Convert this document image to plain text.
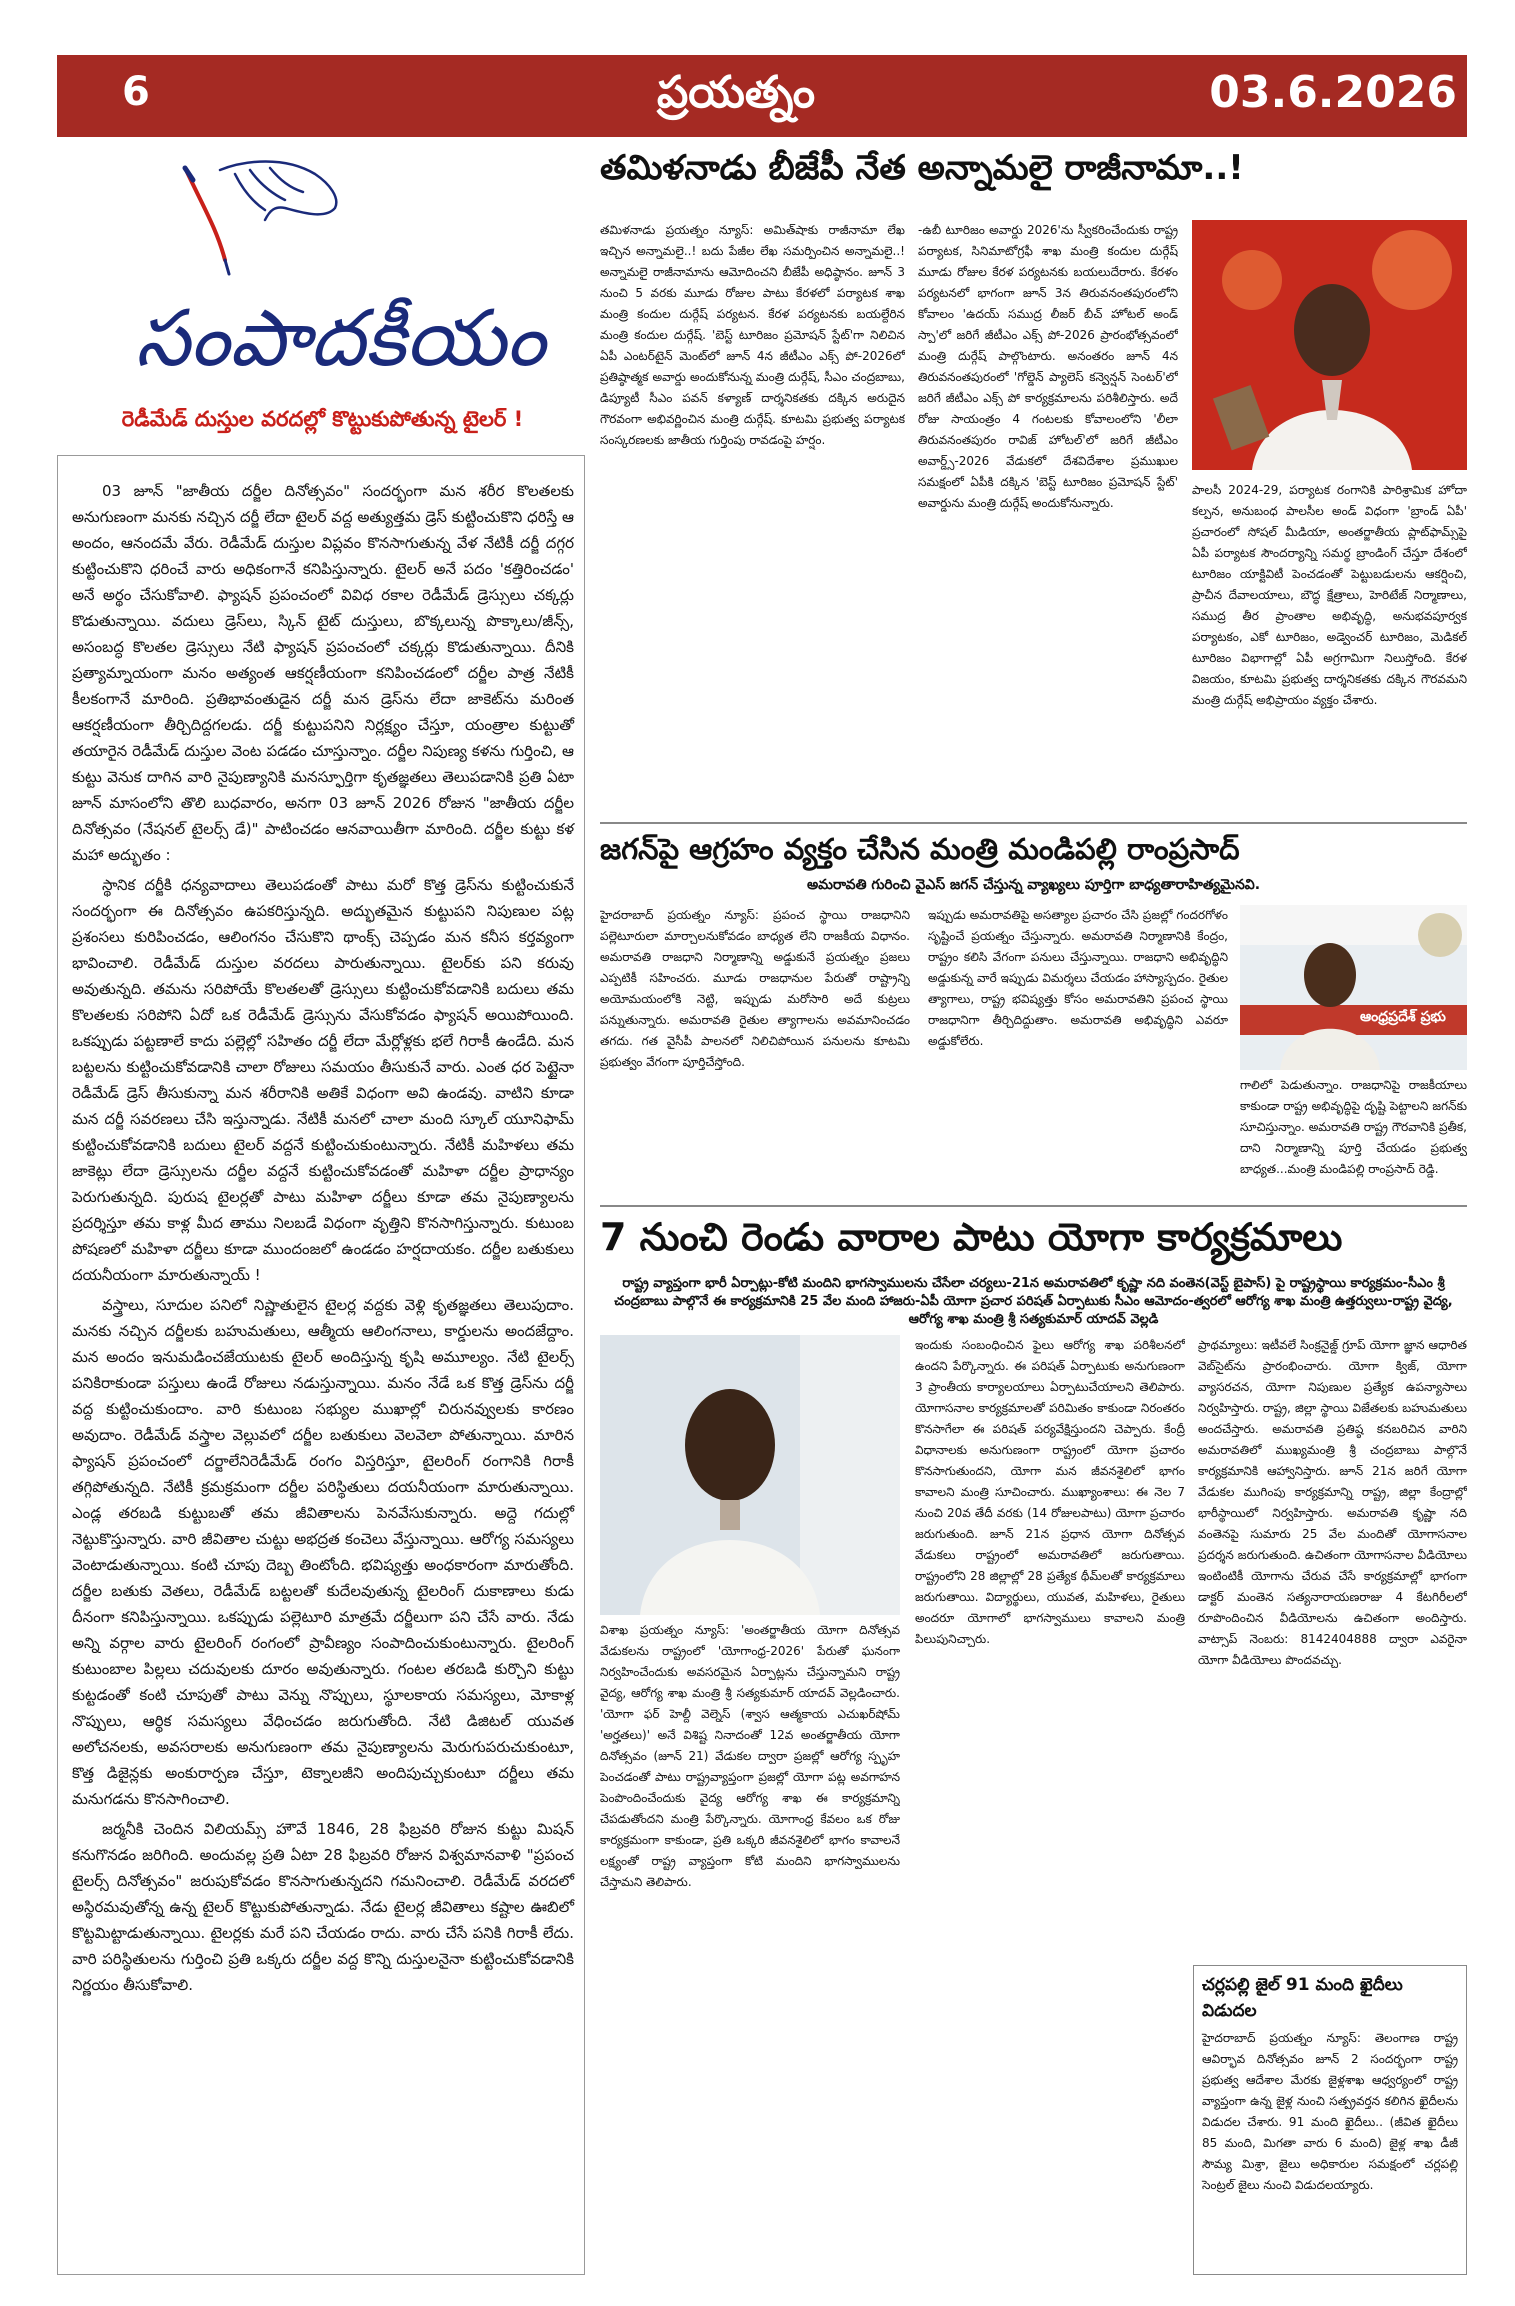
6	ప్రయత్నం	03.6.2026
సంపాదకీయం
రెడీమేడ్ దుస్తుల వరదల్లో కొట్టుకుపోతున్న టైలర్ !

03 జూన్ "జాతీయ దర్జీల దినోత్సవం" సందర్భంగా మన శరీర కొలతలకు అనుగుణంగా మనకు నచ్చిన దర్జీ లేదా టైలర్ వద్ద అత్యుత్తమ డ్రెస్ కుట్టించుకొని ధరిస్తే ఆ అందం, ఆనందమే వేరు. రెడీమేడ్ దుస్తుల విప్లవం కొనసాగుతున్న వేళ నేటికీ దర్జీ దగ్గర కుట్టించుకొని ధరించే వారు అధికంగానే కనిపిస్తున్నారు. టైలర్ అనే పదం 'కత్తిరించడం' అనే అర్థం చేసుకోవాలి. ఫ్యాషన్ ప్రపంచంలో వివిధ రకాల రెడీమేడ్ డ్రెస్సులు చక్కర్లు కొడుతున్నాయి. వదులు డ్రెస్‌లు, స్కిన్ టైట్ దుస్తులు, బొక్కలున్న పొక్కాలు/జీన్స్, అసంబద్ధ కొలతల డ్రెస్సులు నేటి ఫ్యాషన్ ప్రపంచంలో చక్కర్లు కొడుతున్నాయి. దీనికి ప్రత్యామ్నాయంగా మనం అత్యంత ఆకర్షణీయంగా కనిపించడంలో దర్జీల పాత్ర నేటికీ కీలకంగానే మారింది. ప్రతిభావంతుడైన దర్జీ మన డ్రెస్‌ను లేదా జాకెట్‌ను మరింత ఆకర్షణీయంగా తీర్చిదిద్దగలడు. దర్జీ కుట్టుపనిని నిర్లక్ష్యం చేస్తూ, యంత్రాల కుట్టుతో తయారైన రెడీమేడ్ దుస్తుల వెంట పడడం చూస్తున్నాం. దర్జీల నిపుణ్య కళను గుర్తించి, ఆ కుట్టు వెనుక దాగిన వారి నైపుణ్యానికి మనస్ఫూర్తిగా కృతజ్ఞతలు తెలుపడానికి ప్రతి ఏటా జూన్ మాసంలోని తొలి బుధవారం, అనగా 03 జూన్ 2026 రోజున "జాతీయ దర్జీల దినోత్సవం (నేషనల్ టైలర్స్ డే)" పాటించడం ఆనవాయితీగా మారింది. దర్జీల కుట్టు కళ మహా అద్భుతం :

స్థానిక దర్జీకి ధన్యవాదాలు తెలుపడంతో పాటు మరో కొత్త డ్రెస్‌ను కుట్టించుకునే సందర్భంగా ఈ దినోత్సవం ఉపకరిస్తున్నది. అద్భుతమైన కుట్టుపని నిపుణుల పట్ల ప్రశంసలు కురిపించడం, ఆలింగనం చేసుకొని థాంక్స్ చెప్పడం మన కనీస కర్తవ్యంగా భావించాలి. రెడీమేడ్ దుస్తుల వరదలు పారుతున్నాయి. టైలర్‌కు పని కరువు అవుతున్నది. తమను సరిపోయే కొలతలతో డ్రెస్సులు కుట్టించుకోవడానికి బదులు తమ కొలతలకు సరిపోని ఏదో ఒక రెడీమేడ్ డ్రెస్సును వేసుకోవడం ఫ్యాషన్ అయిపోయింది. ఒకప్పుడు పట్టణాలే కాదు పల్లెల్లో సహితం దర్జీ లేదా మేర్లోళ్లకు భలే గిరాకీ ఉండేది. మన బట్టలను కుట్టించుకోవడానికి చాలా రోజులు సమయం తీసుకునే వారు. ఎంత ధర పెట్టైనా రెడీమేడ్ డ్రెస్ తీసుకున్నా మన శరీరానికి అతికే విధంగా అవి ఉండవు. వాటిని కూడా మన దర్జీ సవరణలు చేసి ఇస్తున్నాడు. నేటికీ మనలో చాలా మంది స్కూల్ యూనిఫామ్ కుట్టించుకోవడానికి బదులు టైలర్ వద్దనే కుట్టించుకుంటున్నారు. నేటికీ మహిళలు తమ జాకెట్లు లేదా డ్రెస్సులను దర్జీల వద్దనే కుట్టించుకోవడంతో మహిళా దర్జీల ప్రాధాన్యం పెరుగుతున్నది. పురుష టైలర్లతో పాటు మహిళా దర్జీలు కూడా తమ నైపుణ్యాలను ప్రదర్శిస్తూ తమ కాళ్ల మీద తాము నిలబడే విధంగా వృత్తిని కొనసాగిస్తున్నారు. కుటుంబ పోషణలో మహిళా దర్జీలు కూడా ముందంజలో ఉండడం హర్షదాయకం. దర్జీల బతుకులు దయనీయంగా మారుతున్నాయ్ !

వస్త్రాలు, సూదుల పనిలో నిష్ణాతులైన టైలర్ల వద్దకు వెళ్లి కృతజ్ఞతలు తెలుపుదాం. మనకు నచ్చిన దర్జీలకు బహుమతులు, ఆత్మీయ ఆలింగనాలు, కార్డులను అందజేద్దాం. మన అందం ఇనుమడించజేయుటకు టైలర్ అందిస్తున్న కృషి అమూల్యం. నేటి టైలర్స్ పనికిరాకుండా పస్తులు ఉండే రోజులు నడుస్తున్నాయి. మనం నేడే ఒక కొత్త డ్రెస్‌ను దర్జీ వద్ద కుట్టించుకుందాం. వారి కుటుంబ సభ్యుల ముఖాల్లో చిరునవ్వులకు కారణం అవుదాం. రెడీమేడ్ వస్త్రాల వెల్లువలో దర్జీల బతుకులు వెలవెలా పోతున్నాయి. మారిన ఫ్యాషన్ ప్రపంచంలో దర్జాలేనిరెడీమేడ్ రంగం విస్తరిస్తూ, టైలరింగ్ రంగానికి గిరాకీ తగ్గిపోతున్నది. నేటికీ క్రమక్రమంగా దర్జీల పరిస్థితులు దయనీయంగా మారుతున్నాయి. ఎండ్ల తరబడి కుట్టుబతో తమ జీవితాలను పెనవేసుకున్నారు. అద్దె గదుల్లో నెట్టుకొస్తున్నారు. వారి జీవితాల చుట్టు అభద్రత కంచెలు వేస్తున్నాయి. ఆరోగ్య సమస్యలు వెంటాడుతున్నాయి. కంటి చూపు దెబ్బ తింటోంది. భవిష్యత్తు అంధకారంగా మారుతోంది. దర్జీల బతుకు వెతలు, రెడీమేడ్ బట్టలతో కుదేలవుతున్న టైలరింగ్ దుకాణాలు కుడు దీనంగా కనిపిస్తున్నాయి. ఒకప్పుడు పల్లెటూరి మాత్రమే దర్జీలుగా పని చేసే వారు. నేడు అన్ని వర్గాల వారు టైలరింగ్ రంగంలో ప్రావీణ్యం సంపాదించుకుంటున్నారు. టైలరింగ్ కుటుంబాల పిల్లలు చదువులకు దూరం అవుతున్నారు. గంటల తరబడి కుర్చొని కుట్టు కుట్టడంతో కంటి చూపుతో పాటు వెన్ను నొప్పులు, స్థూలకాయ సమస్యలు, మోకాళ్ల నొప్పులు, ఆర్థిక సమస్యలు వేధించడం జరుగుతోంది. నేటి డిజిటల్ యువత అలోచనలకు, అవసరాలకు అనుగుణంగా తమ నైపుణ్యాలను మెరుగుపరుచుకుంటూ, కొత్త డిజైన్లకు అంకురార్పణ చేస్తూ, టెక్నాలజీని అందిపుచ్చుకుంటూ దర్జీలు తమ మనుగడను కొనసాగించాలి.

జర్మనీకి చెందిన విలియమ్స్ హౌవే 1846, 28 ఫిబ్రవరి రోజున కుట్టు మిషన్ కనుగొనడం జరిగింది. అందువల్ల ప్రతి ఏటా 28 ఫిబ్రవరి రోజున విశ్వమానవాళి "ప్రపంచ టైలర్స్ దినోత్సవం" జరుపుకోవడం కొనసాగుతున్నదని గమనించాలి. రెడీమేడ్ వరదలో అస్థిరమవుతోన్న ఉన్న టైలర్ కొట్టుకుపోతున్నాడు. నేడు టైలర్ల జీవితాలు కష్టాల ఊబిలో కొట్టమిట్టాడుతున్నాయి. టైలర్లకు మరే పని చేయడం రాదు. వారు చేసే పనికి గిరాకీ లేదు. వారి పరిస్థితులను గుర్తించి ప్రతి ఒక్కరు దర్జీల వద్ద కొన్ని దుస్తులనైనా కుట్టించుకోవడానికి నిర్ణయం తీసుకోవాలి.

తమిళనాడు బీజేపీ నేత అన్నామలై రాజీనామా..!
తమిళనాడు ప్రయత్నం న్యూస్: అమిత్‌షాకు రాజీనామా లేఖ ఇచ్చిన అన్నామలై..! బదు పేజీల లేఖ సమర్పించిన అన్నామలై..! అన్నామలై రాజీనామాను ఆమోదించని బీజేపీ అధిష్ఠానం. జూన్ 3 నుంచి 5 వరకు మూడు రోజుల పాటు కేరళలో పర్యాటక శాఖ మంత్రి కందుల దుర్గేష్ పర్యటన. కేరళ పర్యటనకు బయల్దేరిన మంత్రి కందుల దుర్గేష్. 'బెస్ట్ టూరిజం ప్రమోషన్ స్టేట్'గా నిలిచిన ఏపీ ఎంటర్‌టైన్ మెంట్‌లో జూన్ 4న జీటీఎం ఎక్స్ పో-2026లో ప్రతిష్ఠాత్మక అవార్డు అందుకోనున్న మంత్రి దుర్గేష్, సీఎం చంద్రబాబు, డిప్యూటీ సీఎం పవన్ కళ్యాణ్ దార్శనికతకు దక్కిన అరుదైన గౌరవంగా అభివర్ణించిన మంత్రి దుర్గేష్. కూటమి ప్రభుత్వ పర్యాటక సంస్కరణలకు జాతీయ గుర్తింపు రావడంపై హర్షం.
-ఉబీ టూరిజం అవార్డు 2026'ను స్వీకరించేందుకు రాష్ట్ర పర్యాటక, సినిమాటోగ్రఫీ శాఖ మంత్రి కందుల దుర్గేష్ మూడు రోజుల కేరళ పర్యటనకు బయలుదేరారు. కేరళం పర్యటనలో భాగంగా జూన్ 3న తిరువనంతపురంలోని కోవాలం 'ఉదయ్ సముద్ర లీజర్ బీచ్ హోటల్ అండ్ స్పా'లో జరిగే జీటీఎం ఎక్స్ పో-2026 ప్రారంభోత్సవంలో మంత్రి దుర్గేష్ పాల్గొంటారు. అనంతరం జూన్ 4న తిరువనంతపురంలో 'గోల్డెన్ ప్యాలెస్ కన్వెన్షన్ సెంటర్'లో జరిగే జీటీఎం ఎక్స్ పో కార్యక్రమాలను పరిశీలిస్తారు. అదే రోజు సాయంత్రం 4 గంటలకు కోవాలంలోని 'లీలా తిరువనంతపురం రావిజ్ హోటల్'లో జరిగే జీటీఎం అవార్డ్స్-2026 వేడుకలో దేశవిదేశాల ప్రముఖుల సమక్షంలో ఏపీకి దక్కిన 'బెస్ట్ టూరిజం ప్రమోషన్ స్టేట్' అవార్డును మంత్రి దుర్గేష్ అందుకోనున్నారు.
పాలసీ 2024-29, పర్యాటక రంగానికి పారిశ్రామిక హోదా కల్పన, అనుబంధ పాలసీల అండ్ విధంగా 'బ్రాండ్ ఏపీ' ప్రచారంలో సోషల్ మీడియా, అంతర్జాతీయ ప్లాట్‌ఫామ్స్‌పై ఏపీ పర్యాటక సౌందర్యాన్ని సమర్థ బ్రాండింగ్ చేస్తూ దేశంలో టూరిజం యాక్టివిటీ పెంచడంతో పెట్టుబడులను ఆకర్షించి, ప్రాచీన దేవాలయాలు, బౌద్ధ క్షేత్రాలు, హెరిటేజ్ నిర్మాణాలు, సముద్ర తీర ప్రాంతాల అభివృద్ధి, అనుభవపూర్వక పర్యాటకం, ఎకో టూరిజం, అడ్వెంచర్ టూరిజం, మెడికల్ టూరిజం విభాగాల్లో ఏపీ అగ్రగామిగా నిలుస్తోంది. కేరళ విజయం, కూటమి ప్రభుత్వ దార్శనికతకు దక్కిన గౌరవమని మంత్రి దుర్గేష్ అభిప్రాయం వ్యక్తం చేశారు.
జగన్‌పై ఆగ్రహం వ్యక్తం చేసిన మంత్రి మండిపల్లి రాంప్రసాద్
అమరావతి గురించి వైఎస్ జగన్ చేస్తున్న వ్యాఖ్యలు పూర్తిగా బాధ్యతారాహిత్యమైనవి.
హైదరాబాద్ ప్రయత్నం న్యూస్: ప్రపంచ స్థాయి రాజధానిని పల్లెటూరులా మార్చాలనుకోవడం బాధ్యత లేని రాజకీయ విధానం. అమరావతి రాజధాని నిర్మాణాన్ని అడ్డుకునే ప్రయత్నం ప్రజలు ఎప్పటికీ సహించరు. మూడు రాజధానుల పేరుతో రాష్ట్రాన్ని అయోమయంలోకి నెట్టి, ఇప్పుడు మరోసారి అదే కుట్రలు పన్నుతున్నారు. అమరావతి రైతుల త్యాగాలను అవమానించడం తగదు. గత వైసీపీ పాలనలో నిలిచిపోయిన పనులను కూటమి ప్రభుత్వం వేగంగా పూర్తిచేస్తోంది.
ఇప్పుడు అమరావతిపై అసత్యాల ప్రచారం చేసి ప్రజల్లో గందరగోళం సృష్టించే ప్రయత్నం చేస్తున్నారు. అమరావతి నిర్మాణానికి కేంద్రం, రాష్ట్రం కలిసి వేగంగా పనులు చేస్తున్నాయి. రాజధాని అభివృద్ధిని అడ్డుకున్న వారే ఇప్పుడు విమర్శలు చేయడం హాస్యాస్పదం. రైతుల త్యాగాలు, రాష్ట్ర భవిష్యత్తు కోసం అమరావతిని ప్రపంచ స్థాయి రాజధానిగా తీర్చిదిద్దుతాం. అమరావతి అభివృద్ధిని ఎవరూ అడ్డుకోలేరు.
ఆంధ్రప్రదేశ్ ప్రభు
గాలిలో పెడుతున్నాం. రాజధానిపై రాజకీయాలు కాకుండా రాష్ట్ర అభివృద్ధిపై దృష్టి పెట్టాలని జగన్‌కు సూచిస్తున్నాం. అమరావతి రాష్ట్ర గౌరవానికి ప్రతీక, దాని నిర్మాణాన్ని పూర్తి చేయడం ప్రభుత్వ బాధ్యత...మంత్రి మండిపల్లి రాంప్రసాద్ రెడ్డి.
7 నుంచి రెండు వారాల పాటు యోగా కార్యక్రమాలు
రాష్ట్ర వ్యాప్తంగా భారీ ఏర్పాట్లు-కోటి మందిని భాగస్వాములను చేసేలా చర్యలు-21న అమరావతిలో కృష్ణా నది వంతెన(వెస్ట్ బైపాస్) పై రాష్ట్రస్థాయి కార్యక్రమం-సీఎం శ్రీ చంద్రబాబు పాల్గొనే ఈ కార్యక్రమానికి 25 వేల మంది హాజరు-ఏపీ యోగా ప్రచార పరిషత్ ఏర్పాటుకు సీఎం ఆమోదం-త్వరలో ఆరోగ్య శాఖ మంత్రి ఉత్తర్వులు-రాష్ట్ర వైద్య, ఆరోగ్య శాఖ మంత్రి శ్రీ సత్యకుమార్ యాదవ్ వెల్లడి
విశాఖ ప్రయత్నం న్యూస్: 'అంతర్జాతీయ యోగా దినోత్సవ వేడుకలను రాష్ట్రంలో 'యోగాంధ్ర-2026' పేరుతో ఘనంగా నిర్వహించేందుకు అవసరమైన ఏర్పాట్లను చేస్తున్నామని రాష్ట్ర వైద్య, ఆరోగ్య శాఖ మంత్రి శ్రీ సత్యకుమార్ యాదవ్ వెల్లడించారు. 'యోగా ఫర్ హెల్దీ వెల్నెస్ (శ్వాస ఆత్మకాయ ఎచుఖర్‌షోమ్ 'అర్హతలు)' అనే విశిష్ట నినాదంతో 12వ అంతర్జాతీయ యోగా దినోత్సవం (జూన్ 21) వేడుకల ద్వారా ప్రజల్లో ఆరోగ్య స్పృహ పెంచడంతో పాటు రాష్ట్రవ్యాప్తంగా ప్రజల్లో యోగా పట్ల అవగాహన పెంపొందించేందుకు వైద్య ఆరోగ్య శాఖ ఈ కార్యక్రమాన్ని చేపడుతోందని మంత్రి పేర్కొన్నారు. యోగాంధ్ర కేవలం ఒక రోజు కార్యక్రమంగా కాకుండా, ప్రతి ఒక్కరి జీవనశైలిలో భాగం కావాలనే లక్ష్యంతో రాష్ట్ర వ్యాప్తంగా కోటి మందిని భాగస్వాములను చేస్తామని తెలిపారు.
ఇందుకు సంబంధించిన ఫైలు ఆరోగ్య శాఖ పరిశీలనలో ఉందని పేర్కొన్నారు. ఈ పరిషత్ ఏర్పాటుకు అనుగుణంగా 3 ప్రాంతీయ కార్యాలయాలు ఏర్పాటుచేయాలని తెలిపారు. యోగాసనాల కార్యక్రమాలతో పరిమితం కాకుండా నిరంతరం కొనసాగేలా ఈ పరిషత్ పర్యవేక్షిస్తుందని చెప్పారు. కేంద్రీ విధానాలకు అనుగుణంగా రాష్ట్రంలో యోగా ప్రచారం కొనసాగుతుందని, యోగా మన జీవనశైలిలో భాగం కావాలని మంత్రి సూచించారు. ముఖ్యాంశాలు: ఈ నెల 7 నుంచి 20వ తేదీ వరకు (14 రోజులపాటు) యోగా ప్రచారం జరుగుతుంది. జూన్ 21న ప్రధాన యోగా దినోత్సవ వేడుకలు రాష్ట్రంలో అమరావతిలో జరుగుతాయి. రాష్ట్రంలోని 28 జిల్లాల్లో 28 ప్రత్యేక థీమ్‌లతో కార్యక్రమాలు జరుగుతాయి. విద్యార్థులు, యువత, మహిళలు, రైతులు అందరూ యోగాలో భాగస్వాములు కావాలని మంత్రి పిలుపునిచ్చారు.
ప్రాథమ్యాలు: ఇటీవలే సింక్రనైజ్డ్ గ్రూప్ యోగా జ్ఞాన ఆధారిత వెబ్‌సైట్‌ను ప్రారంభించారు. యోగా క్విజ్, యోగా వ్యాసరచన, యోగా నిపుణుల ప్రత్యేక ఉపన్యాసాలు నిర్వహిస్తారు. రాష్ట్ర, జిల్లా స్థాయి విజేతలకు బహుమతులు అందచేస్తారు. అమరావతి ప్రతిష్ఠ కనబరిచిన వారిని అమరావతిలో ముఖ్యమంత్రి శ్రీ చంద్రబాబు పాల్గొనే కార్యక్రమానికి ఆహ్వానిస్తారు. జూన్ 21న జరిగే యోగా వేడుకల ముగింపు కార్యక్రమాన్ని రాష్ట్ర, జిల్లా కేంద్రాల్లో భారీస్థాయిలో నిర్వహిస్తారు. అమరావతి కృష్ణా నది వంతెనపై సుమారు 25 వేల మందితో యోగాసనాల ప్రదర్శన జరుగుతుంది. ఉచితంగా యోగాసనాల వీడియోలు ఇంటింటికీ యోగాను చేరువ చేసే కార్యక్రమాల్లో భాగంగా డాక్టర్ మంతెన సత్యనారాయణరాజు 4 కేటగిరీలలో రూపొందించిన వీడియోలను ఉచితంగా అందిస్తారు. వాట్సాప్ నెంబరు: 8142404888 ద్వారా ఎవరైనా యోగా వీడియోలు పొందవచ్చు.
చర్లపల్లి జైల్ 91 మంది ఖైదీలు విడుదల
హైదరాబాద్ ప్రయత్నం న్యూస్: తెలంగాణ రాష్ట్ర ఆవిర్భావ దినోత్సవం జూన్ 2 సందర్భంగా రాష్ట్ర ప్రభుత్వ ఆదేశాల మేరకు జైళ్లశాఖ ఆధ్వర్యంలో రాష్ట్ర వ్యాప్తంగా ఉన్న జైళ్ల నుంచి సత్ప్రవర్తన కలిగిన ఖైదీలను విడుదల చేశారు. 91 మంది ఖైదీలు.. (జీవిత ఖైదీలు 85 మంది, మిగతా వారు 6 మంది) జైళ్ల శాఖ డీజీ సౌమ్య మిశ్రా, జైలు అధికారుల సమక్షంలో చర్లపల్లి సెంట్రల్ జైలు నుంచి విడుదలయ్యారు.
